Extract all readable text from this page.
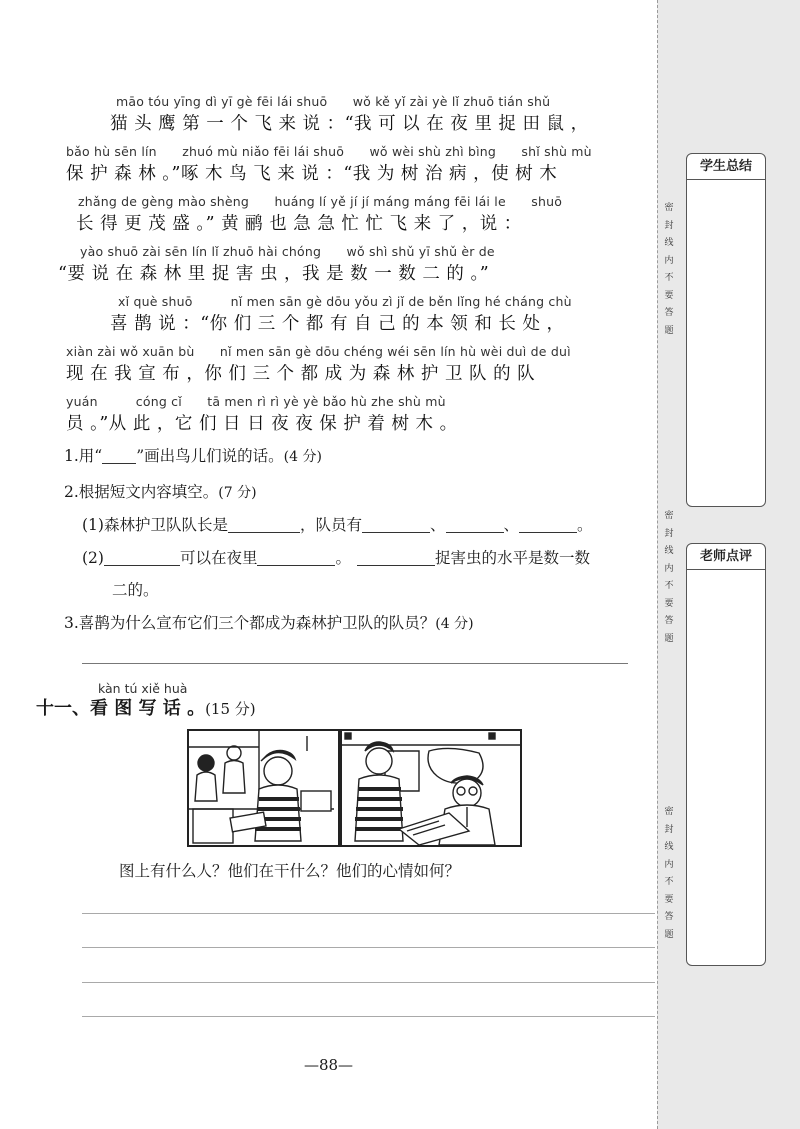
学生总结
老师点评
密
封
线
内
不
要
答
题
密
封
线
内
不
要
答
题
密
封
线
内
不
要
答
题
māo tóu yīng dì yī gè fēi lái shuō　　wǒ kě yǐ zài yè lǐ zhuō tián shǔ
猫 头 鹰 第 一 个 飞 来 说 ：“我 可 以 在 夜 里 捉 田 鼠 ，
bǎo hù sēn lín　　zhuó mù niǎo fēi lái shuō　　wǒ wèi shù zhì bìng　　shǐ shù mù
保 护 森 林 。”啄 木 鸟 飞 来 说 ：“我 为 树 治 病 ，使 树 木
zhǎng de gèng mào shèng　　huáng lí yě jí jí máng máng fēi lái le　　shuō
长 得 更 茂 盛 。” 黄 鹂 也 急 急 忙 忙 飞 来 了 ，说 ：
yào shuō zài sēn lín lǐ zhuō hài chóng　　wǒ shì shǔ yī shǔ èr de
“要 说 在 森 林 里 捉 害 虫 ，我 是 数 一 数 二 的 。”
xǐ què shuō　　　nǐ men sān gè dōu yǒu zì jǐ de běn lǐng hé cháng chù
喜 鹊 说 ：“你 们 三 个 都 有 自 己 的 本 领 和 长 处 ，
xiàn zài wǒ xuān bù　　nǐ men sān gè dōu chéng wéi sēn lín hù wèi duì de duì
现 在 我 宣 布 ，你 们 三 个 都 成 为 森 林 护 卫 队 的 队
yuán　　　cóng cǐ　　tā men rì rì yè yè bǎo hù zhe shù mù
员 。”从 此 ，它 们 日 日 夜 夜 保 护 着 树 木 。
1.用“ ”画出鸟儿们说的话。(4 分)
2.根据短文内容填空。(7 分)
(1)森林护卫队队长是	，队员有	、	、	。
(2)	可以在夜里	。	捉害虫的水平是数一数
二的。
3.喜鹊为什么宣布它们三个都成为森林护卫队的队员？(4 分)
kàn tú xiě huà
十一、看 图 写 话 。(15 分)
图上有什么人？他们在干什么？他们的心情如何？
—88—
